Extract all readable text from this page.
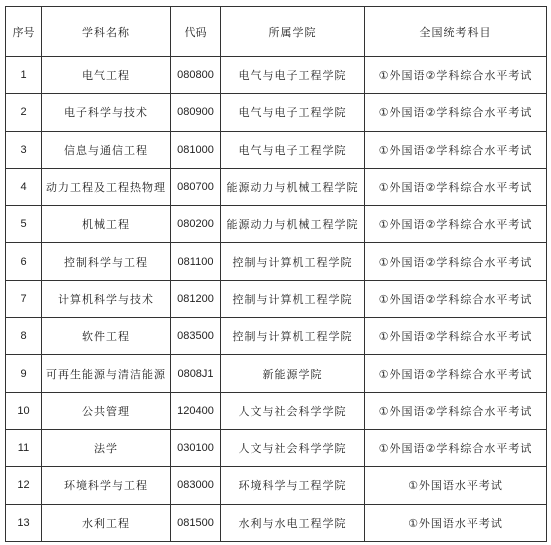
序号	学科名称	代码	所属学院	全国统考科目
1	电气工程	080800	电气与电子工程学院	①外国语②学科综合水平考试
2	电子科学与技术	080900	电气与电子工程学院	①外国语②学科综合水平考试
3	信息与通信工程	081000	电气与电子工程学院	①外国语②学科综合水平考试
4	动力工程及工程热物理	080700	能源动力与机械工程学院	①外国语②学科综合水平考试
5	机械工程	080200	能源动力与机械工程学院	①外国语②学科综合水平考试
6	控制科学与工程	081100	控制与计算机工程学院	①外国语②学科综合水平考试
7	计算机科学与技术	081200	控制与计算机工程学院	①外国语②学科综合水平考试
8	软件工程	083500	控制与计算机工程学院	①外国语②学科综合水平考试
9	可再生能源与清洁能源	0808J1	新能源学院	①外国语②学科综合水平考试
10	公共管理	120400	人文与社会科学学院	①外国语②学科综合水平考试
11	法学	030100	人文与社会科学学院	①外国语②学科综合水平考试
12	环境科学与工程	083000	环境科学与工程学院	①外国语水平考试
13	水利工程	081500	水利与水电工程学院	①外国语水平考试
